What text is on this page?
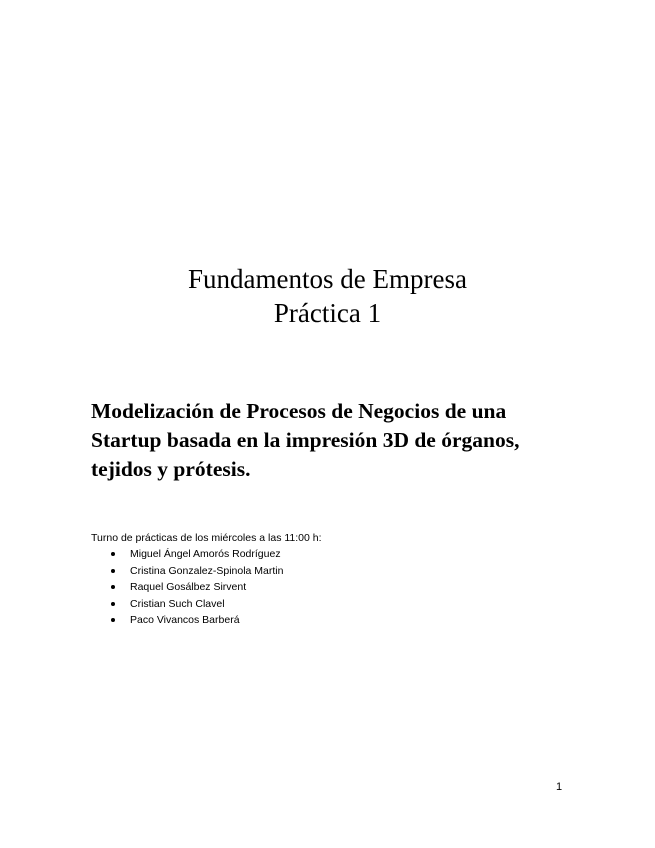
Fundamentos de Empresa
Práctica 1
Modelización de Procesos de Negocios de una Startup basada en la impresión 3D de órganos, tejidos y prótesis.
Turno de prácticas de los miércoles a las 11:00 h:
Miguel Ángel Amorós Rodríguez
Cristina Gonzalez-Spinola Martin
Raquel Gosálbez Sirvent
Cristian Such Clavel
Paco Vivancos Barberá
1
